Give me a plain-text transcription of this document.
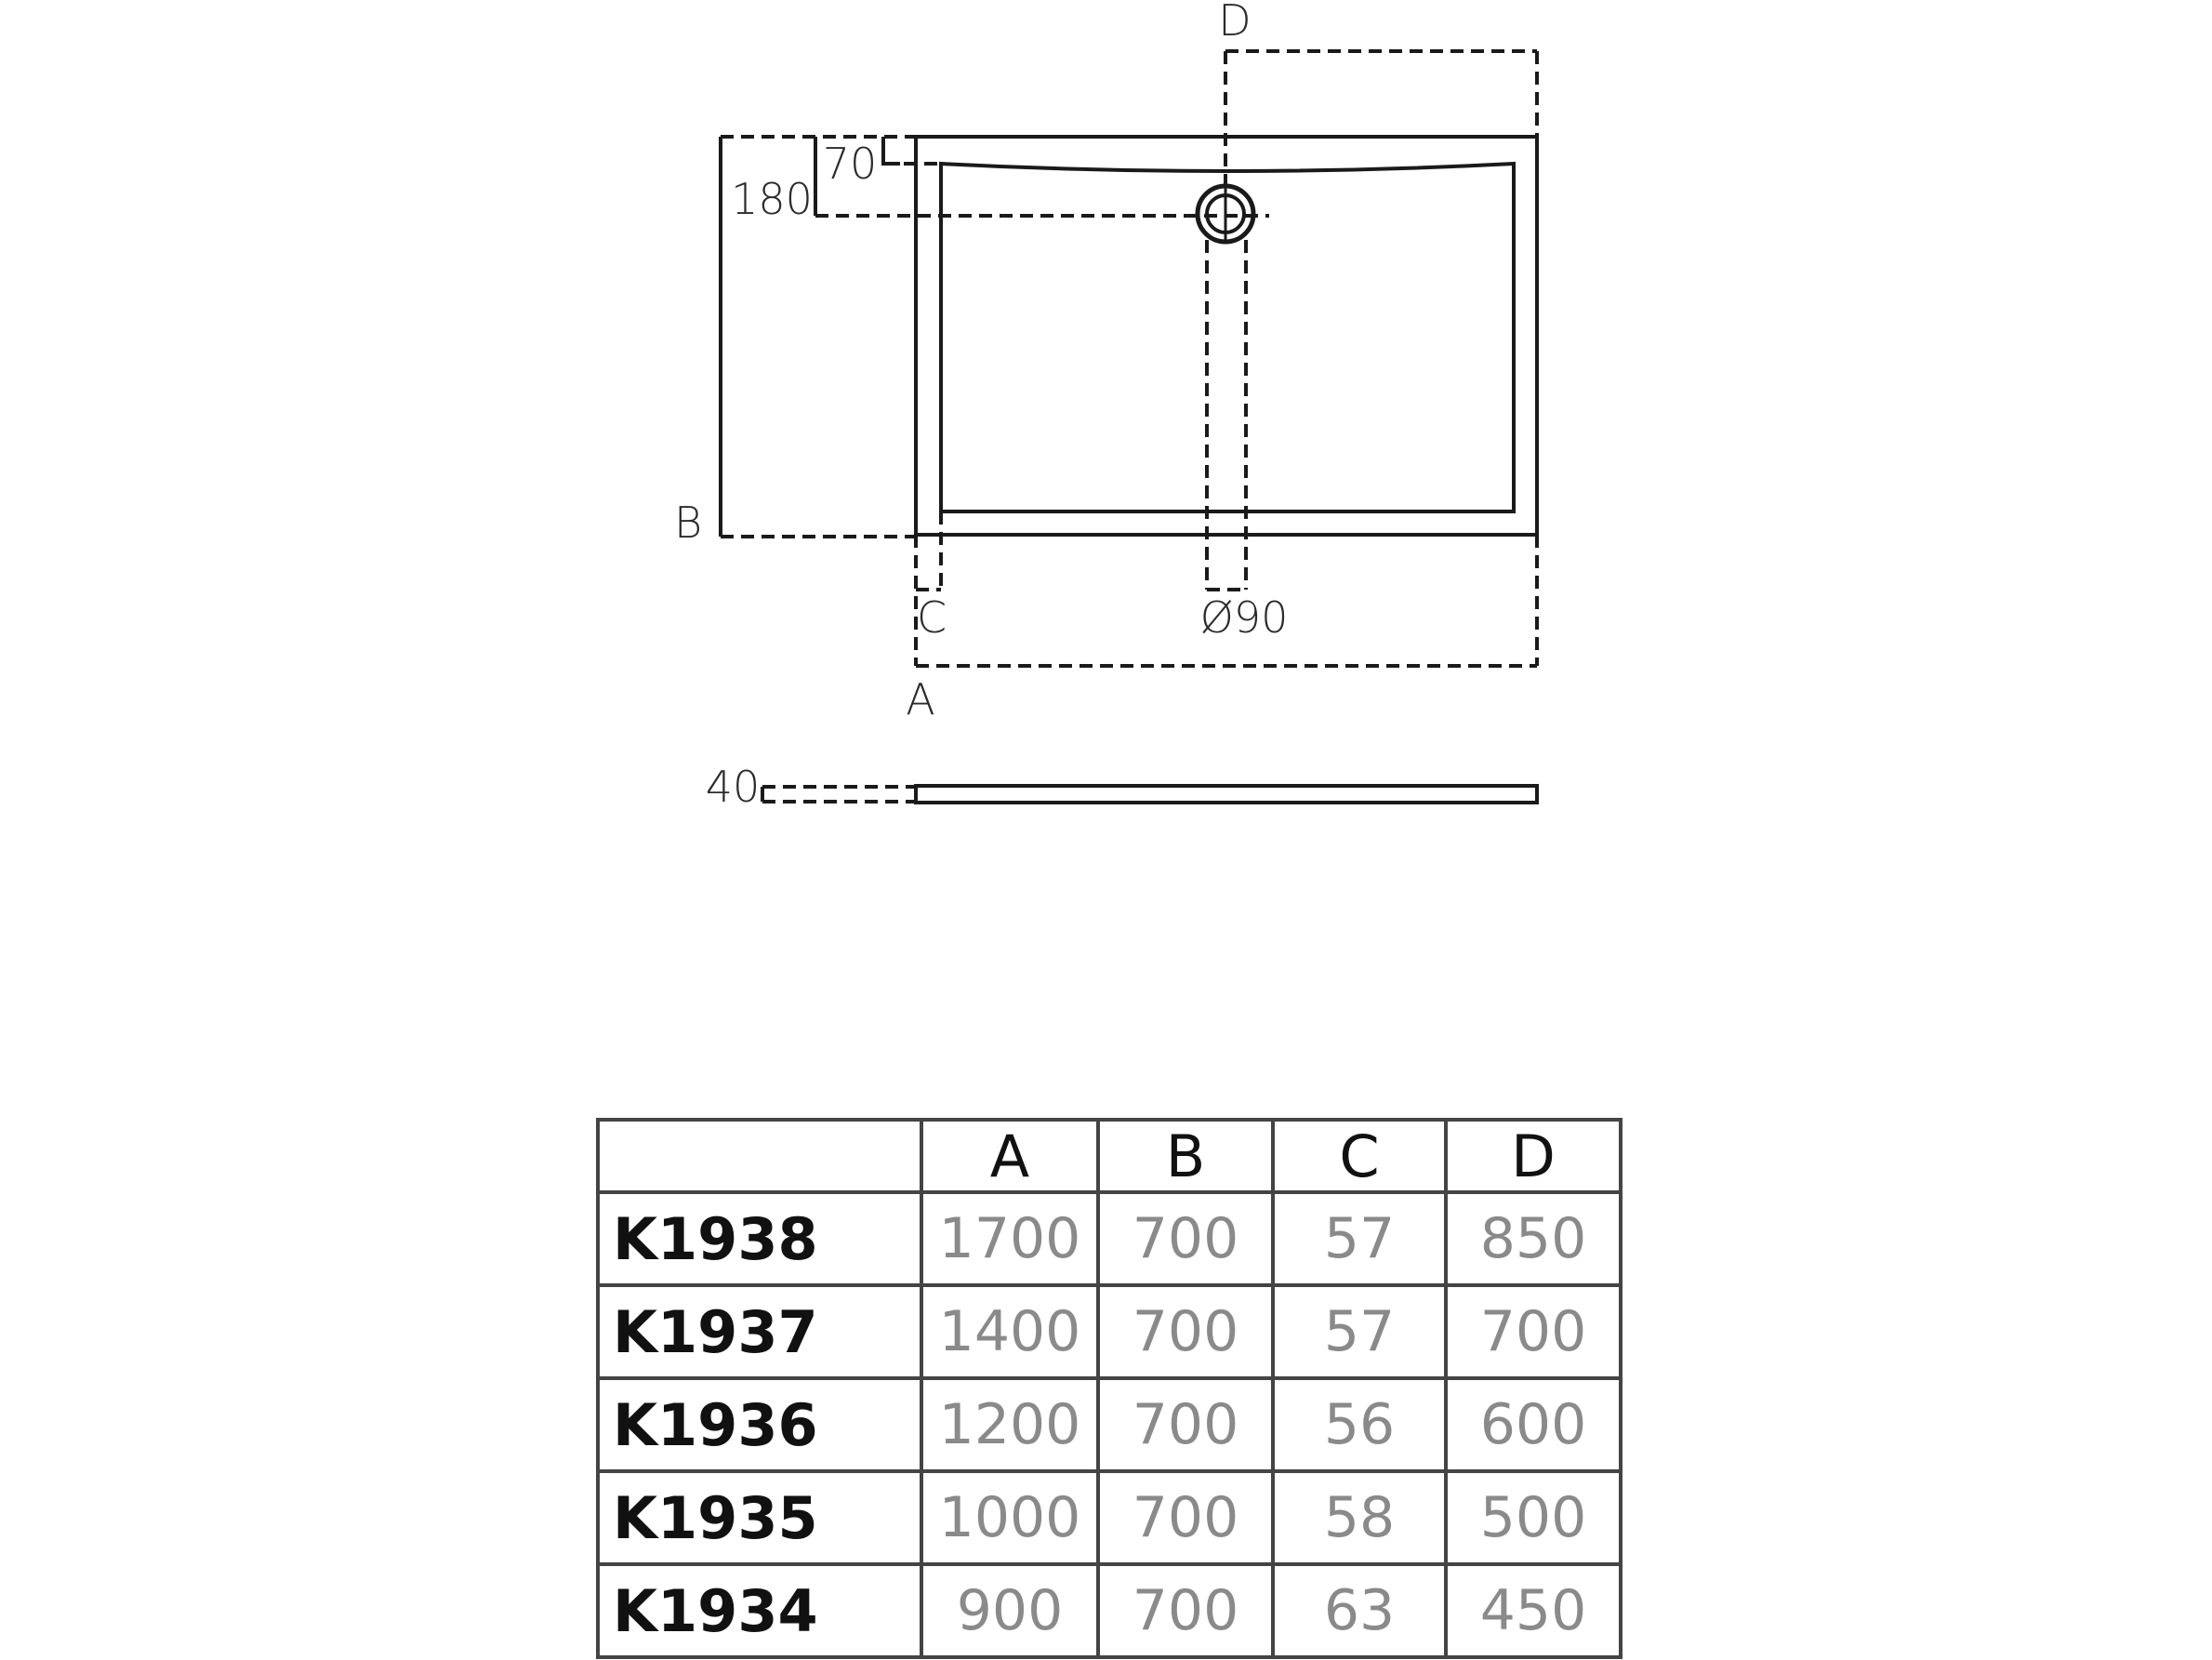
D
70
180
B
C	Ø90
A
40
	A	B	C	D
K1938	1700	700	57	850
K1937	1400	700	57	700
K1936	1200	700	56	600
K1935	1000	700	58	500
K1934	900	700	63	450
